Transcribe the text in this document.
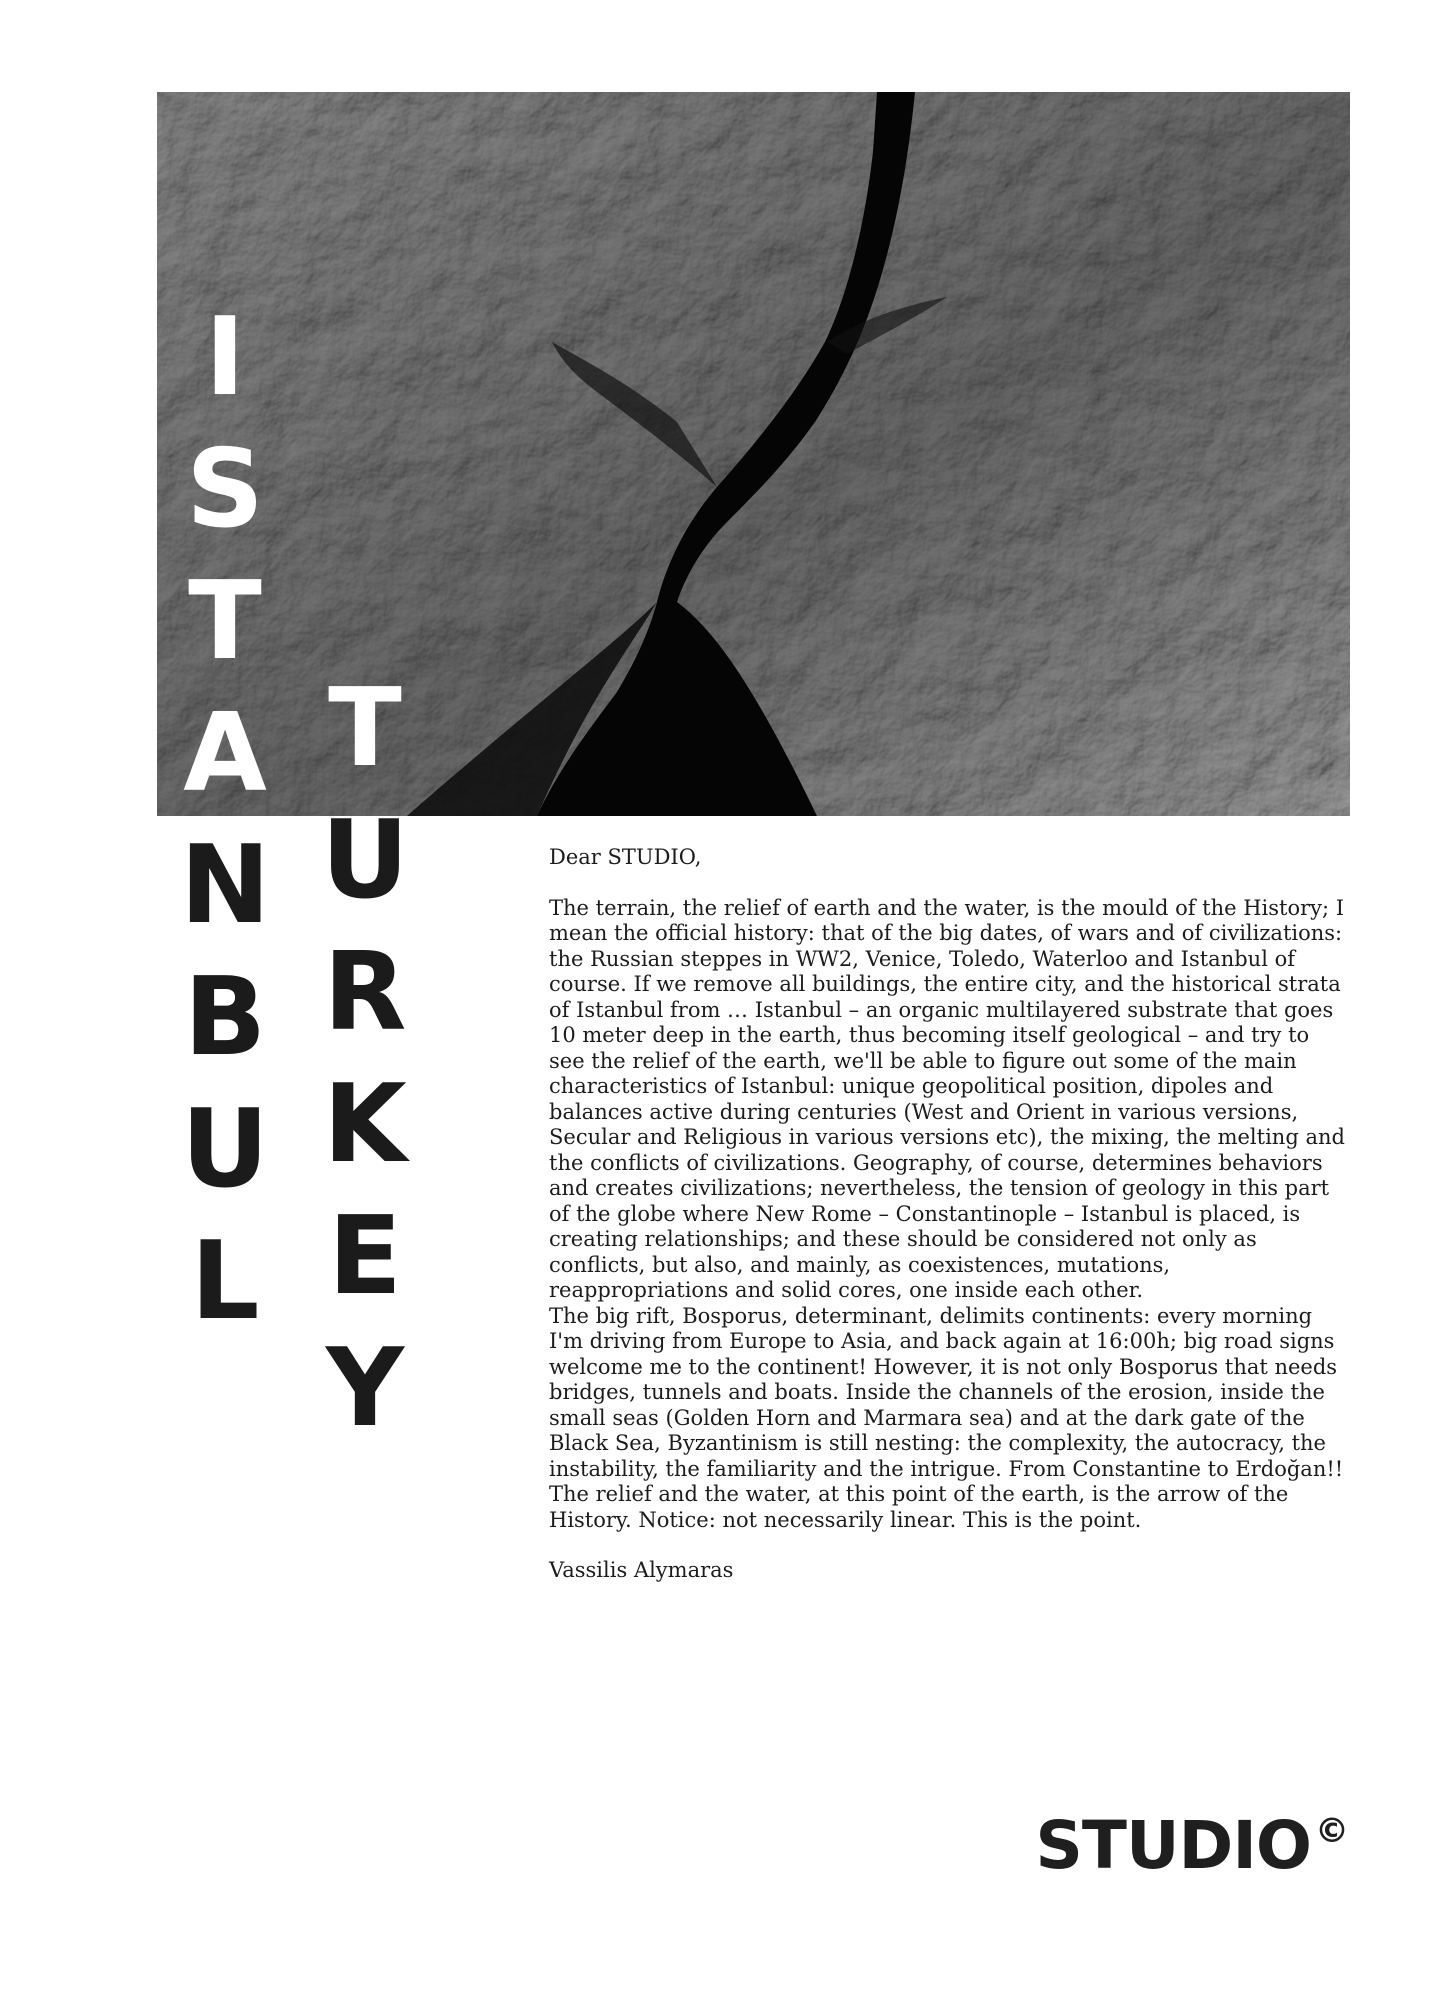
I
S
T
A
N
B
U
L
T
U
R
K
E
Y

Dear STUDIO,

The terrain, the relief of earth and the water, is the mould of the History; I mean the official history: that of the big dates, of wars and of civilizations: the Russian steppes in WW2, Venice, Toledo, Waterloo and Istanbul of course. If we remove all buildings, the entire city, and the historical strata of Istanbul from … Istanbul – an organic multilayered substrate that goes 10 meter deep in the earth, thus becoming itself geological – and try to see the relief of the earth, we'll be able to figure out some of the main characteristics of Istanbul: unique geopolitical position, dipoles and balances active during centuries (West and Orient in various versions, Secular and Religious in various versions etc), the mixing, the melting and the conflicts of civilizations. Geography, of course, determines behaviors and creates civilizations; nevertheless, the tension of geology in this part of the globe where New Rome – Constantinople – Istanbul is placed, is creating relationships; and these should be considered not only as conflicts, but also, and mainly, as coexistences, mutations, reappropriations and solid cores, one inside each other.

The big rift, Bosporus, determinant, delimits continents: every morning I'm driving from Europe to Asia, and back again at 16:00h; big road signs welcome me to the continent! However, it is not only Bosporus that needs bridges, tunnels and boats. Inside the channels of the erosion, inside the small seas (Golden Horn and Marmara sea) and at the dark gate of the Black Sea, Byzantinism is still nesting: the complexity, the autocracy, the instability, the familiarity and the intrigue. From Constantine to Erdoğan!!

The relief and the water, at this point of the earth, is the arrow of the History. Notice: not necessarily linear. This is the point.

Vassilis Alymaras

STUDIO ©
